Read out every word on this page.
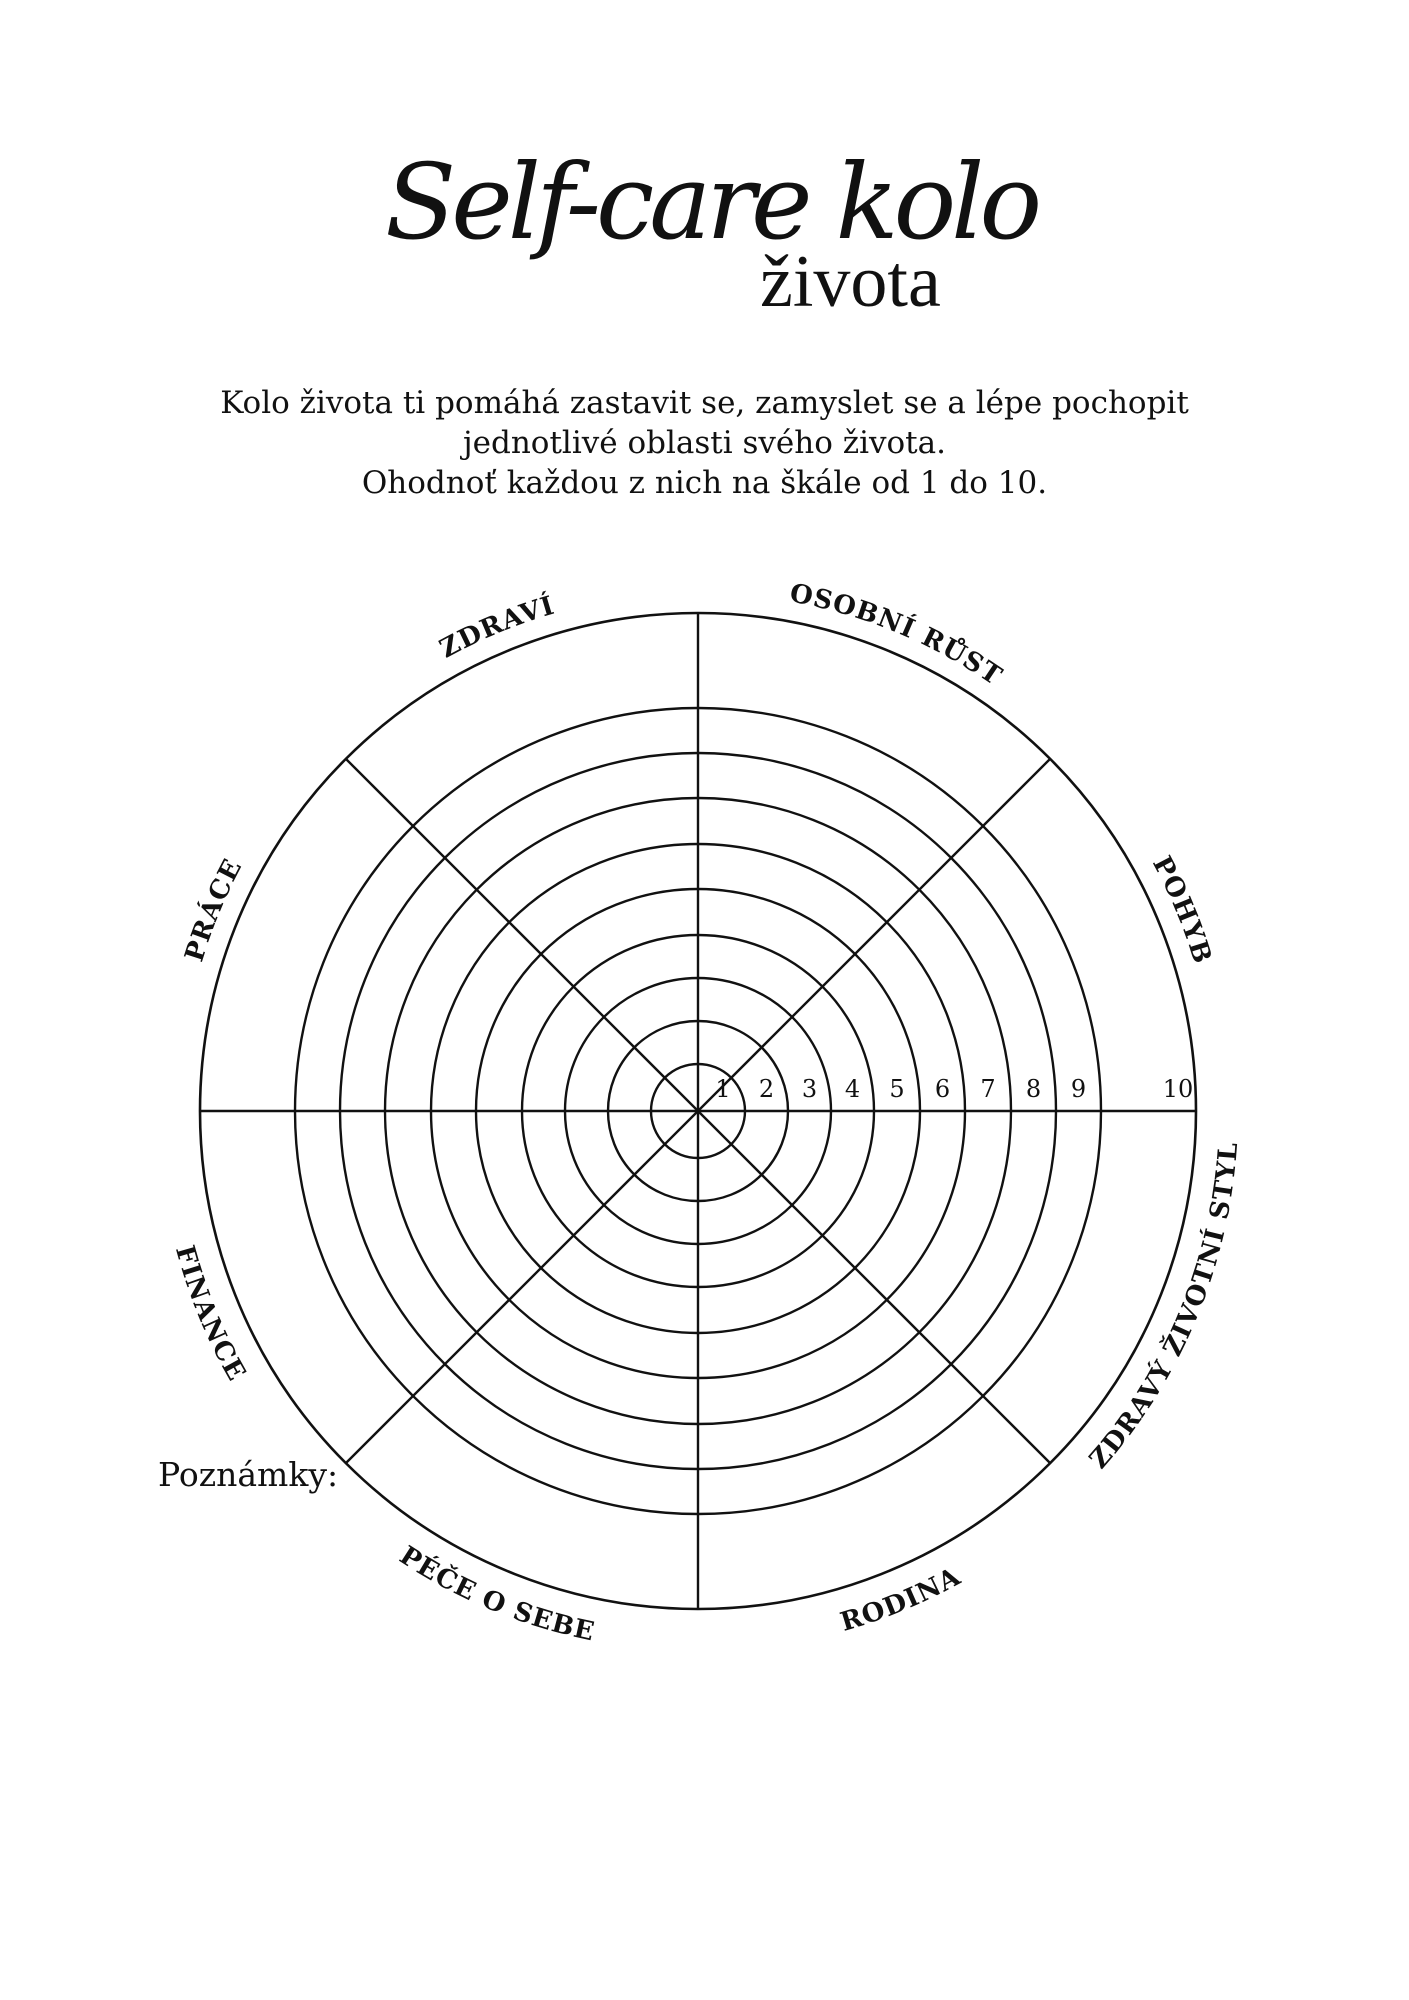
Self-care kolo
života
Kolo života ti pomáhá zastavit se, zamyslet se a lépe pochopit
jednotlivé oblasti svého života.
Ohodnoť každou z nich na škále od 1 do 10.
1 2 3 4 5 6 7 8 9	10
ZDRAVÍ	OSOBNÍ RŮST
POHYB
ZDRAVÝ ŽIVOTNÍ STYL
RODINA
PÉČE O SEBE
FINANCE
PRÁCE
Poznámky:
